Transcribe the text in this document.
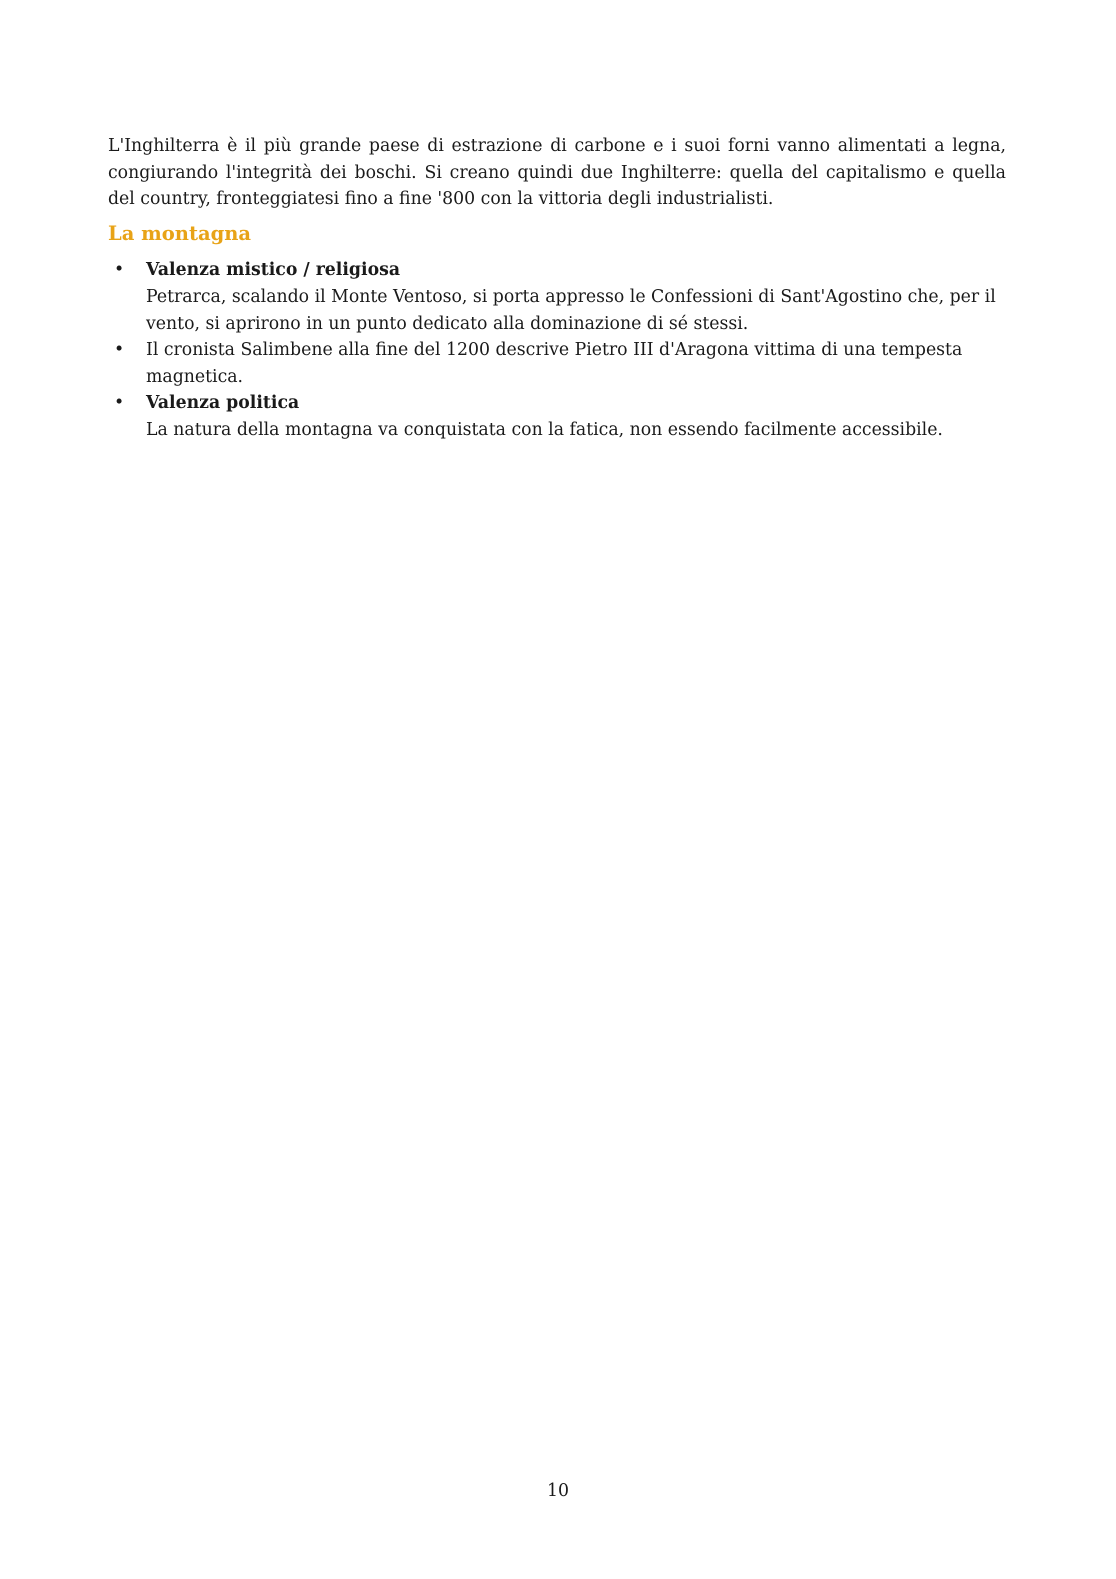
L'Inghilterra è il più grande paese di estrazione di carbone e i suoi forni vanno alimentati a legna, congiurando l'integrità dei boschi. Si creano quindi due Inghilterre: quella del capitalismo e quella del country, fronteggiatesi fino a fine '800 con la vittoria degli industrialisti.

La montagna
•	Valenza mistico / religiosa
Petrarca, scalando il Monte Ventoso, si porta appresso le Confessioni di Sant'Agostino che, per il vento, si aprirono in un punto dedicato alla dominazione di sé stessi.
•	Il cronista Salimbene alla fine del 1200 descrive Pietro III d'Aragona vittima di una tempesta magnetica.
•	Valenza politica
La natura della montagna va conquistata con la fatica, non essendo facilmente accessibile.
10
